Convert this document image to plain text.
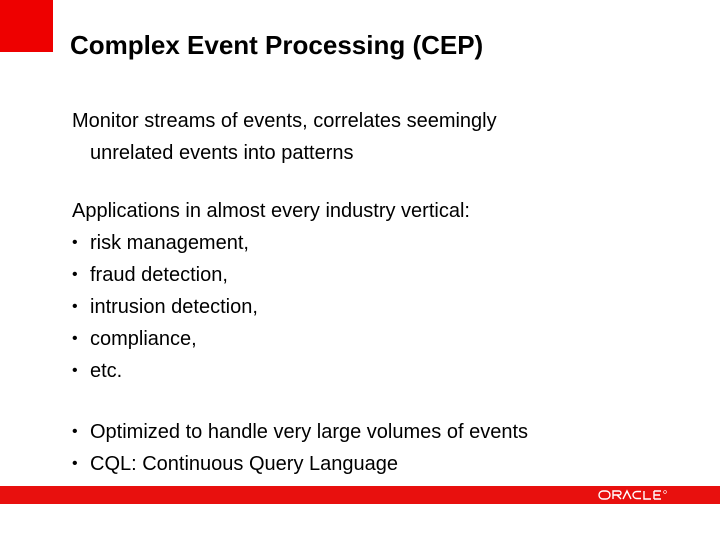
Complex Event Processing (CEP)
Monitor streams of events, correlates seemingly
unrelated events into patterns
Applications in almost every industry vertical:
• risk management,
• fraud detection,
• intrusion detection,
• compliance,
• etc.
• Optimized to handle very large volumes of events
• CQL: Continuous Query Language
